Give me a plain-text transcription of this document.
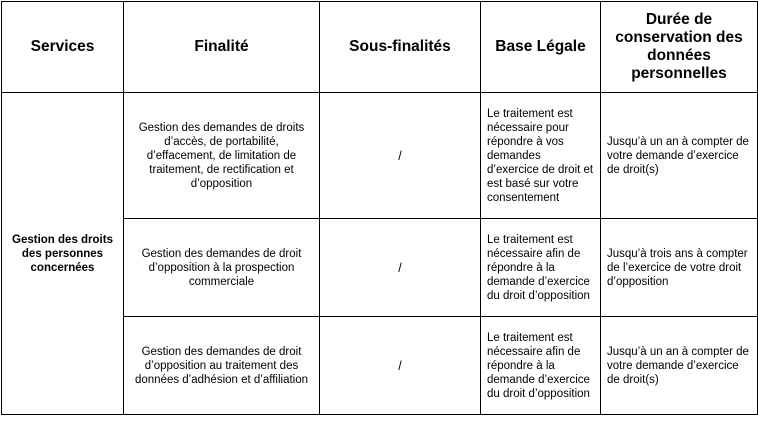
Services	Finalité	Sous-finalités	Base Légale	Durée de conservation des données personnelles
Gestion des droits des personnes concernées	Gestion des demandes de droits d’accès, de portabilité, d’effacement, de limitation de traitement, de rectification et d’opposition	/	Le traitement est nécessaire pour répondre à vos demandes d’exercice de droit et est basé sur votre consentement	Jusqu’à un an à compter de votre demande d’exercice de droit(s)
	Gestion des demandes de droit d’opposition à la prospection commerciale	/	Le traitement est nécessaire afin de répondre à la demande d’exercice du droit d’opposition	Jusqu’à trois ans à compter de l’exercice de votre droit d’opposition
	Gestion des demandes de droit d’opposition au traitement des données d’adhésion et d’affiliation	/	Le traitement est nécessaire afin de répondre à la demande d’exercice du droit d’opposition	Jusqu’à un an à compter de votre demande d’exercice de droit(s)
